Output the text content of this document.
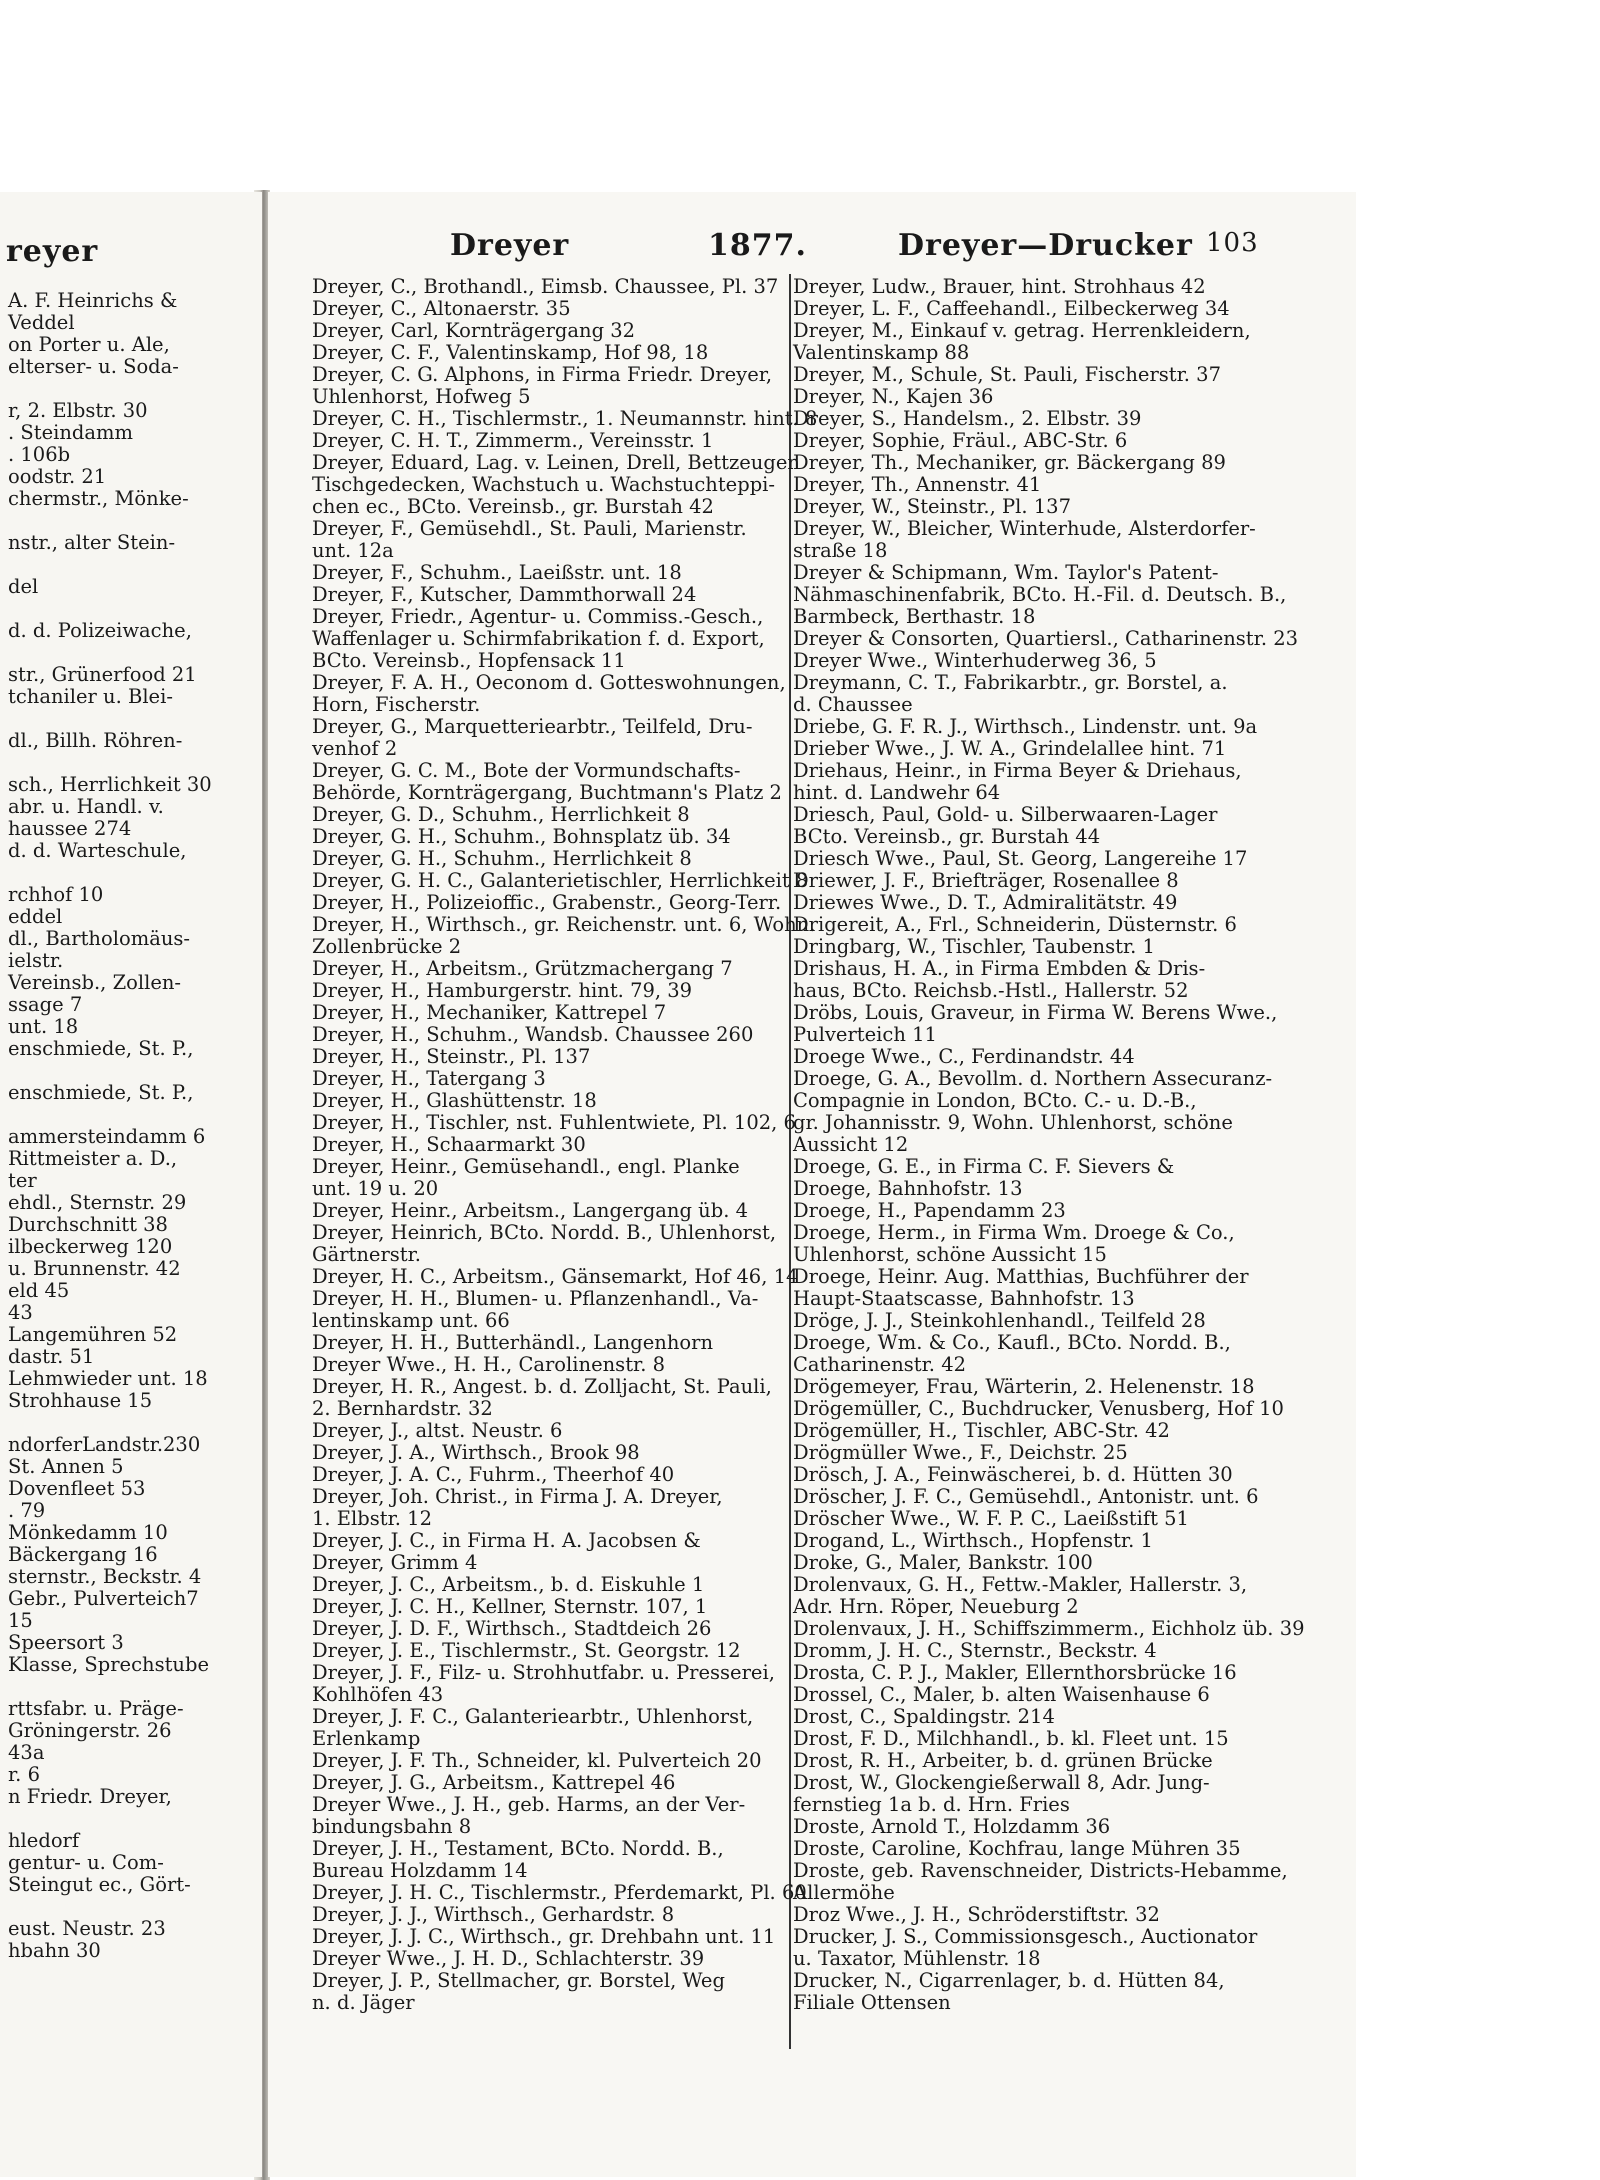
reyer
A. F. Heinrichs &
Veddel
on Porter u. Ale,
elterser- u. Soda-
r, 2. Elbstr. 30
. Steindamm
. 106b
oodstr. 21
chermstr., Mönke-
nstr., alter Stein-
del
d. d. Polizeiwache,
str., Grünerfood 21
tchaniler u. Blei-
dl., Billh. Röhren-
sch., Herrlichkeit 30
abr. u. Handl. v.
haussee 274
d. d. Warteschule,
rchhof 10
eddel
dl., Bartholomäus-
ielstr.
Vereinsb., Zollen-
ssage 7
unt. 18
enschmiede, St. P.,
enschmiede, St. P.,
ammersteindamm 6
Rittmeister a. D.,
ter
ehdl., Sternstr. 29
Durchschnitt 38
ilbeckerweg 120
u. Brunnenstr. 42
eld 45
43
Langemühren 52
dastr. 51
Lehmwieder unt. 18
Strohhause 15
ndorferLandstr.230
St. Annen 5
Dovenfleet 53
. 79
Mönkedamm 10
Bäckergang 16
sternstr., Beckstr. 4
Gebr., Pulverteich7
15
Speersort 3
Klasse, Sprechstube
rttsfabr. u. Präge-
Gröningerstr. 26
43a
r. 6
n Friedr. Dreyer,
hledorf
gentur- u. Com-
Steingut ec., Gört-
eust. Neustr. 23
hbahn 30
Dreyer	1877.	Dreyer—Drucker 103
Dreyer, C., Brothandl., Eimsb. Chaussee, Pl. 37
Dreyer, C., Altonaerstr. 35
Dreyer, Carl, Kornträgergang 32
Dreyer, C. F., Valentinskamp, Hof 98, 18
Dreyer, C. G. Alphons, in Firma Friedr. Dreyer,
Uhlenhorst, Hofweg 5
Dreyer, C. H., Tischlermstr., 1. Neumannstr. hint. 8
Dreyer, C. H. T., Zimmerm., Vereinsstr. 1
Dreyer, Eduard, Lag. v. Leinen, Drell, Bettzeugen
Tischgedecken, Wachstuch u. Wachstuchteppi-
chen ec., BCto. Vereinsb., gr. Burstah 42
Dreyer, F., Gemüsehdl., St. Pauli, Marienstr.
unt. 12a
Dreyer, F., Schuhm., Laeißstr. unt. 18
Dreyer, F., Kutscher, Dammthorwall 24
Dreyer, Friedr., Agentur- u. Commiss.-Gesch.,
Waffenlager u. Schirmfabrikation f. d. Export,
BCto. Vereinsb., Hopfensack 11
Dreyer, F. A. H., Oeconom d. Gotteswohnungen,
Horn, Fischerstr.
Dreyer, G., Marquetteriearbtr., Teilfeld, Dru-
venhof 2
Dreyer, G. C. M., Bote der Vormundschafts-
Behörde, Kornträgergang, Buchtmann's Platz 2
Dreyer, G. D., Schuhm., Herrlichkeit 8
Dreyer, G. H., Schuhm., Bohnsplatz üb. 34
Dreyer, G. H., Schuhm., Herrlichkeit 8
Dreyer, G. H. C., Galanterietischler, Herrlichkeit 8
Dreyer, H., Polizeioffic., Grabenstr., Georg-Terr.
Dreyer, H., Wirthsch., gr. Reichenstr. unt. 6, Wohn.
Zollenbrücke 2
Dreyer, H., Arbeitsm., Grützmachergang 7
Dreyer, H., Hamburgerstr. hint. 79, 39
Dreyer, H., Mechaniker, Kattrepel 7
Dreyer, H., Schuhm., Wandsb. Chaussee 260
Dreyer, H., Steinstr., Pl. 137
Dreyer, H., Tatergang 3
Dreyer, H., Glashüttenstr. 18
Dreyer, H., Tischler, nst. Fuhlentwiete, Pl. 102, 6
Dreyer, H., Schaarmarkt 30
Dreyer, Heinr., Gemüsehandl., engl. Planke
unt. 19 u. 20
Dreyer, Heinr., Arbeitsm., Langergang üb. 4
Dreyer, Heinrich, BCto. Nordd. B., Uhlenhorst,
Gärtnerstr.
Dreyer, H. C., Arbeitsm., Gänsemarkt, Hof 46, 14
Dreyer, H. H., Blumen- u. Pflanzenhandl., Va-
lentinskamp unt. 66
Dreyer, H. H., Butterhändl., Langenhorn
Dreyer Wwe., H. H., Carolinenstr. 8
Dreyer, H. R., Angest. b. d. Zolljacht, St. Pauli,
2. Bernhardstr. 32
Dreyer, J., altst. Neustr. 6
Dreyer, J. A., Wirthsch., Brook 98
Dreyer, J. A. C., Fuhrm., Theerhof 40
Dreyer, Joh. Christ., in Firma J. A. Dreyer,
1. Elbstr. 12
Dreyer, J. C., in Firma H. A. Jacobsen &
Dreyer, Grimm 4
Dreyer, J. C., Arbeitsm., b. d. Eiskuhle 1
Dreyer, J. C. H., Kellner, Sternstr. 107, 1
Dreyer, J. D. F., Wirthsch., Stadtdeich 26
Dreyer, J. E., Tischlermstr., St. Georgstr. 12
Dreyer, J. F., Filz- u. Strohhutfabr. u. Presserei,
Kohlhöfen 43
Dreyer, J. F. C., Galanteriearbtr., Uhlenhorst,
Erlenkamp
Dreyer, J. F. Th., Schneider, kl. Pulverteich 20
Dreyer, J. G., Arbeitsm., Kattrepel 46
Dreyer Wwe., J. H., geb. Harms, an der Ver-
bindungsbahn 8
Dreyer, J. H., Testament, BCto. Nordd. B.,
Bureau Holzdamm 14
Dreyer, J. H. C., Tischlermstr., Pferdemarkt, Pl. 60
Dreyer, J. J., Wirthsch., Gerhardstr. 8
Dreyer, J. J. C., Wirthsch., gr. Drehbahn unt. 11
Dreyer Wwe., J. H. D., Schlachterstr. 39
Dreyer, J. P., Stellmacher, gr. Borstel, Weg
n. d. Jäger
Dreyer, Ludw., Brauer, hint. Strohhaus 42
Dreyer, L. F., Caffeehandl., Eilbeckerweg 34
Dreyer, M., Einkauf v. getrag. Herrenkleidern,
Valentinskamp 88
Dreyer, M., Schule, St. Pauli, Fischerstr. 37
Dreyer, N., Kajen 36
Dreyer, S., Handelsm., 2. Elbstr. 39
Dreyer, Sophie, Fräul., ABC-Str. 6
Dreyer, Th., Mechaniker, gr. Bäckergang 89
Dreyer, Th., Annenstr. 41
Dreyer, W., Steinstr., Pl. 137
Dreyer, W., Bleicher, Winterhude, Alsterdorfer-
straße 18
Dreyer & Schipmann, Wm. Taylor's Patent-
Nähmaschinenfabrik, BCto. H.-Fil. d. Deutsch. B.,
Barmbeck, Berthastr. 18
Dreyer & Consorten, Quartiersl., Catharinenstr. 23
Dreyer Wwe., Winterhuderweg 36, 5
Dreymann, C. T., Fabrikarbtr., gr. Borstel, a.
d. Chaussee
Driebe, G. F. R. J., Wirthsch., Lindenstr. unt. 9a
Drieber Wwe., J. W. A., Grindelallee hint. 71
Driehaus, Heinr., in Firma Beyer & Driehaus,
hint. d. Landwehr 64
Driesch, Paul, Gold- u. Silberwaaren-Lager
BCto. Vereinsb., gr. Burstah 44
Driesch Wwe., Paul, St. Georg, Langereihe 17
Driewer, J. F., Briefträger, Rosenallee 8
Driewes Wwe., D. T., Admiralitätstr. 49
Drigereit, A., Frl., Schneiderin, Düsternstr. 6
Dringbarg, W., Tischler, Taubenstr. 1
Drishaus, H. A., in Firma Embden & Dris-
haus, BCto. Reichsb.-Hstl., Hallerstr. 52
Dröbs, Louis, Graveur, in Firma W. Berens Wwe.,
Pulverteich 11
Droege Wwe., C., Ferdinandstr. 44
Droege, G. A., Bevollm. d. Northern Assecuranz-
Compagnie in London, BCto. C.- u. D.-B.,
gr. Johannisstr. 9, Wohn. Uhlenhorst, schöne
Aussicht 12
Droege, G. E., in Firma C. F. Sievers &
Droege, Bahnhofstr. 13
Droege, H., Papendamm 23
Droege, Herm., in Firma Wm. Droege & Co.,
Uhlenhorst, schöne Aussicht 15
Droege, Heinr. Aug. Matthias, Buchführer der
Haupt-Staatscasse, Bahnhofstr. 13
Dröge, J. J., Steinkohlenhandl., Teilfeld 28
Droege, Wm. & Co., Kaufl., BCto. Nordd. B.,
Catharinenstr. 42
Drögemeyer, Frau, Wärterin, 2. Helenenstr. 18
Drögemüller, C., Buchdrucker, Venusberg, Hof 10
Drögemüller, H., Tischler, ABC-Str. 42
Drögmüller Wwe., F., Deichstr. 25
Drösch, J. A., Feinwäscherei, b. d. Hütten 30
Dröscher, J. F. C., Gemüsehdl., Antonistr. unt. 6
Dröscher Wwe., W. F. P. C., Laeißstift 51
Drogand, L., Wirthsch., Hopfenstr. 1
Droke, G., Maler, Bankstr. 100
Drolenvaux, G. H., Fettw.-Makler, Hallerstr. 3,
Adr. Hrn. Röper, Neueburg 2
Drolenvaux, J. H., Schiffszimmerm., Eichholz üb. 39
Dromm, J. H. C., Sternstr., Beckstr. 4
Drosta, C. P. J., Makler, Ellernthorsbrücke 16
Drossel, C., Maler, b. alten Waisenhause 6
Drost, C., Spaldingstr. 214
Drost, F. D., Milchhandl., b. kl. Fleet unt. 15
Drost, R. H., Arbeiter, b. d. grünen Brücke
Drost, W., Glockengießerwall 8, Adr. Jung-
fernstieg 1a b. d. Hrn. Fries
Droste, Arnold T., Holzdamm 36
Droste, Caroline, Kochfrau, lange Mühren 35
Droste, geb. Ravenschneider, Districts-Hebamme,
Allermöhe
Droz Wwe., J. H., Schröderstiftstr. 32
Drucker, J. S., Commissionsgesch., Auctionator
u. Taxator, Mühlenstr. 18
Drucker, N., Cigarrenlager, b. d. Hütten 84,
Filiale Ottensen
